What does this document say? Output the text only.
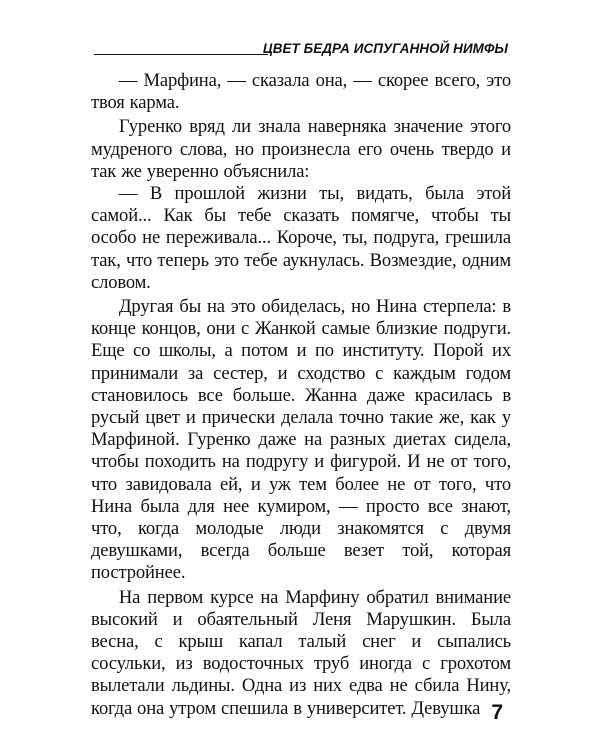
ЦВЕТ БЕДРА ИСПУГАННОЙ НИМФЫ

— Марфина, — сказала она, — скорее всего, это твоя карма.

Гуренко вряд ли знала наверняка значение этого мудреного слова, но произнесла его очень твердо и так же уверенно объяснила:

— В прошлой жизни ты, видать, была этой самой... Как бы тебе сказать помягче, чтобы ты особо не переживала... Короче, ты, подруга, грешила так, что теперь это тебе аукнулась. Возмездие, одним словом.

Другая бы на это обиделась, но Нина стерпела: в конце концов, они с Жанкой самые близкие подруги. Еще со школы, а потом и по институту. Порой их принимали за сестер, и сходство с каждым годом становилось все больше. Жанна даже красилась в русый цвет и прически делала точно такие же, как у Марфиной. Гуренко даже на разных диетах сидела, чтобы походить на подругу и фигурой. И не от того, что завидовала ей, и уж тем более не от того, что Нина была для нее кумиром, — просто все знают, что, когда молодые люди знакомятся с двумя девушками, всегда больше везет той, которая постройнее.

На первом курсе на Марфину обратил внимание высокий и обаятельный Леня Марушкин. Была весна, с крыш капал талый снег и сыпались сосульки, из водосточных труб иногда с грохотом вылетали льдины. Одна из них едва не сбила Нину, когда она утром спешила в университет. Девушка 7
